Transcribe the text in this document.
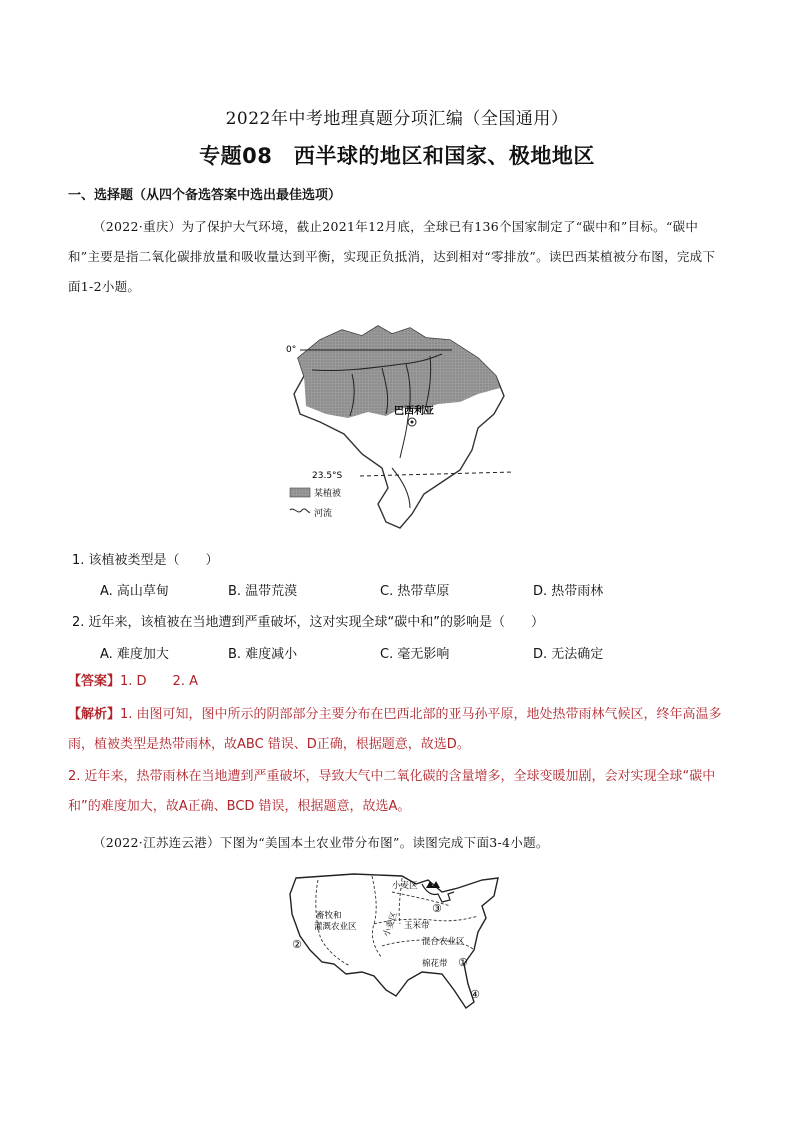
2022年中考地理真题分项汇编（全国通用）
专题08　西半球的地区和国家、极地地区
一、选择题（从四个备选答案中选出最佳选项）
（2022·重庆）为了保护大气环境，截止2021年12月底，全球已有136个国家制定了“碳中和”目标。“碳中和”主要是指二氧化碳排放量和吸收量达到平衡，实现正负抵消，达到相对“零排放”。读巴西某植被分布图，完成下面1-2小题。
0°
巴西利亚
23.5°S
某植被
河流
1. 该植被类型是（　　）
A. 高山草甸	B. 温带荒漠	C. 热带草原	D. 热带雨林
2. 近年来，该植被在当地遭到严重破坏，这对实现全球“碳中和”的影响是（　　）
A. 难度加大	B. 难度减小	C. 毫无影响	D. 无法确定
【答案】1. D　　2. A
【解析】1. 由图可知，图中所示的阴部部分主要分布在巴西北部的亚马孙平原，地处热带雨林气候区，终年高温多雨，植被类型是热带雨林，故ABC 错误、D正确，根据题意，故选D。
2. 近年来，热带雨林在当地遭到严重破坏，导致大气中二氧化碳的含量增多，全球变暖加剧，会对实现全球“碳中和”的难度加大，故A正确、BCD 错误，根据题意，故选A。
（2022·江苏连云港）下图为“美国本土农业带分布图”。读图完成下面3-4小题。
畜牧和
灌溉农业区
小麦区
小麦区 玉米带
混合农业区
棉花带 ①
②
③
④
